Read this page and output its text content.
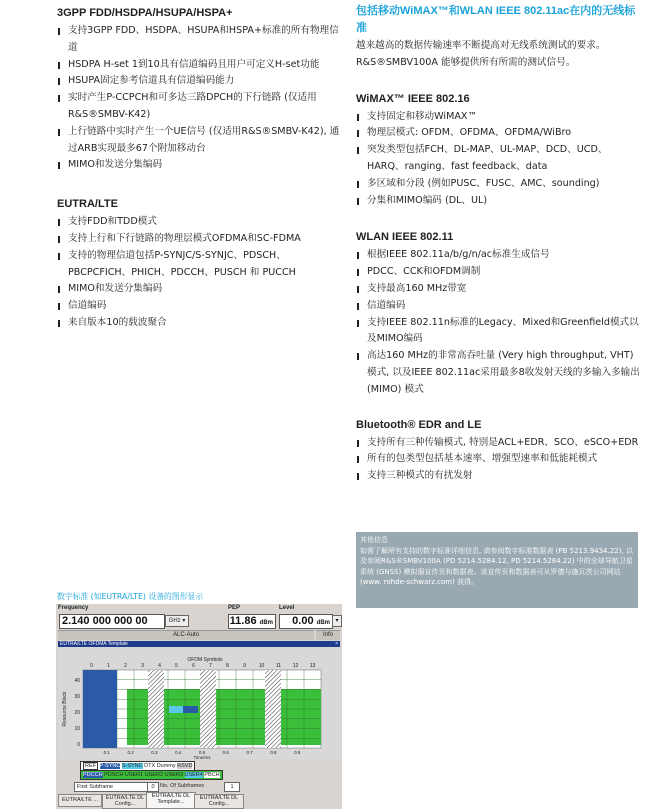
3GPP FDD/HSDPA/HSUPA/HSPA+
支持3GPP FDD、HSDPA、HSUPA和HSPA+标准的所有物理信道
HSDPA H-set 1到10具有信道编码且用户可定义H-set功能
HSUPA固定参考信道具有信道编码能力
实时产生P-CCPCH和可多达三路DPCH的下行链路 (仅适用R&S®SMBV-K42)
上行链路中实时产生一个UE信号 (仅适用R&S®SMBV-K42), 通过ARB实现最多67个附加移动台
MIMO和发送分集编码
EUTRA/LTE
支持FDD和TDD模式
支持上行和下行链路的物理层模式OFDMA和SC-FDMA
支持的物理信道包括P-SYNJC/S-SYNJC、PDSCH、PBCPCFICH、PHICH、PDCCH、PUSCH 和 PUCCH
MIMO和发送分集编码
信道编码
来自版本10的载波聚合
包括移动WiMAX™和WLAN IEEE 802.11ac在内的无线标准

越来越高的数据传输速率不断提高对无线系统测试的要求。R&S®SMBV100A 能够提供所有所需的测试信号。

WiMAX™ IEEE 802.16
支持固定和移动WiMAX™
物理层模式: OFDM、OFDMA、OFDMA/WiBro
突发类型包括FCH、DL-MAP、UL-MAP、DCD、UCD、HARQ、ranging、fast feedback、data
多区域和分段 (例如PUSC、FUSC、AMC、sounding)
分集和MIMO编码 (DL、UL)
WLAN IEEE 802.11
根据IEEE 802.11a/b/g/n/ac标准生成信号
PDCC、CCK和OFDM调制
支持最高160 MHz带宽
信道编码
支持IEEE 802.11n标准的Legacy、Mixed和Greenfield模式以及MIMO编码
高达160 MHz的非常高吞吐量 (Very high throughput, VHT) 模式, 以及IEEE 802.11ac采用最多8收发射天线的多输入多输出 (MIMO) 模式
Bluetooth® EDR and LE
支持所有三种传输模式, 特别是ACL+EDR、SCO、eSCO+EDR
所有的包类型包括基本速率、增强型速率和低能耗模式
支持三种模式的有扰发射
其他信息
如需了解所有支持的数字标准详细信息, 请参阅数字标准数据表 (PB 5213.9434.22), 以及参阅R&S®SMBV100A (PD 5214.5284.12, PD 5214.5284.22) 中的全球导航卫星系统 (GNSS) 模拟器宣传页和数据表。该宣传页和数据表可从罗德与施瓦茨公司网站 (www. rohde-schwarz.com) 获得。
数字标准 (如EUTRA/LTE) 设备的图形显示
Frequency
2.140 000 000 00	GHz ▾
PEP
11.86 dBm
Level
0.00 dBm ▾
ALC-Auto	Info
EUTRA/LTE OFDMA Template	×
OFDM Symbols
0	1	2	3	4	5	6	7	8	9	10 11 12 13
Resource Block
40
30
20
10
0
0.1	0.2	0.3	0.4	0.5	0.6	0.7	0.8	0.9
Time/ms
REF P-SYNC S-SYNC DTX Dummy RSVD
PDCCH PDSCH USER1 USER2 USER3 USER4 PBCH
First Subframe	0 No. Of Subframes	1
EUTRA/LTE ...	EUTRA/LTE DL Config...
EUTRA/LTE DL Template...
EUTRA/LTE DL Config...
